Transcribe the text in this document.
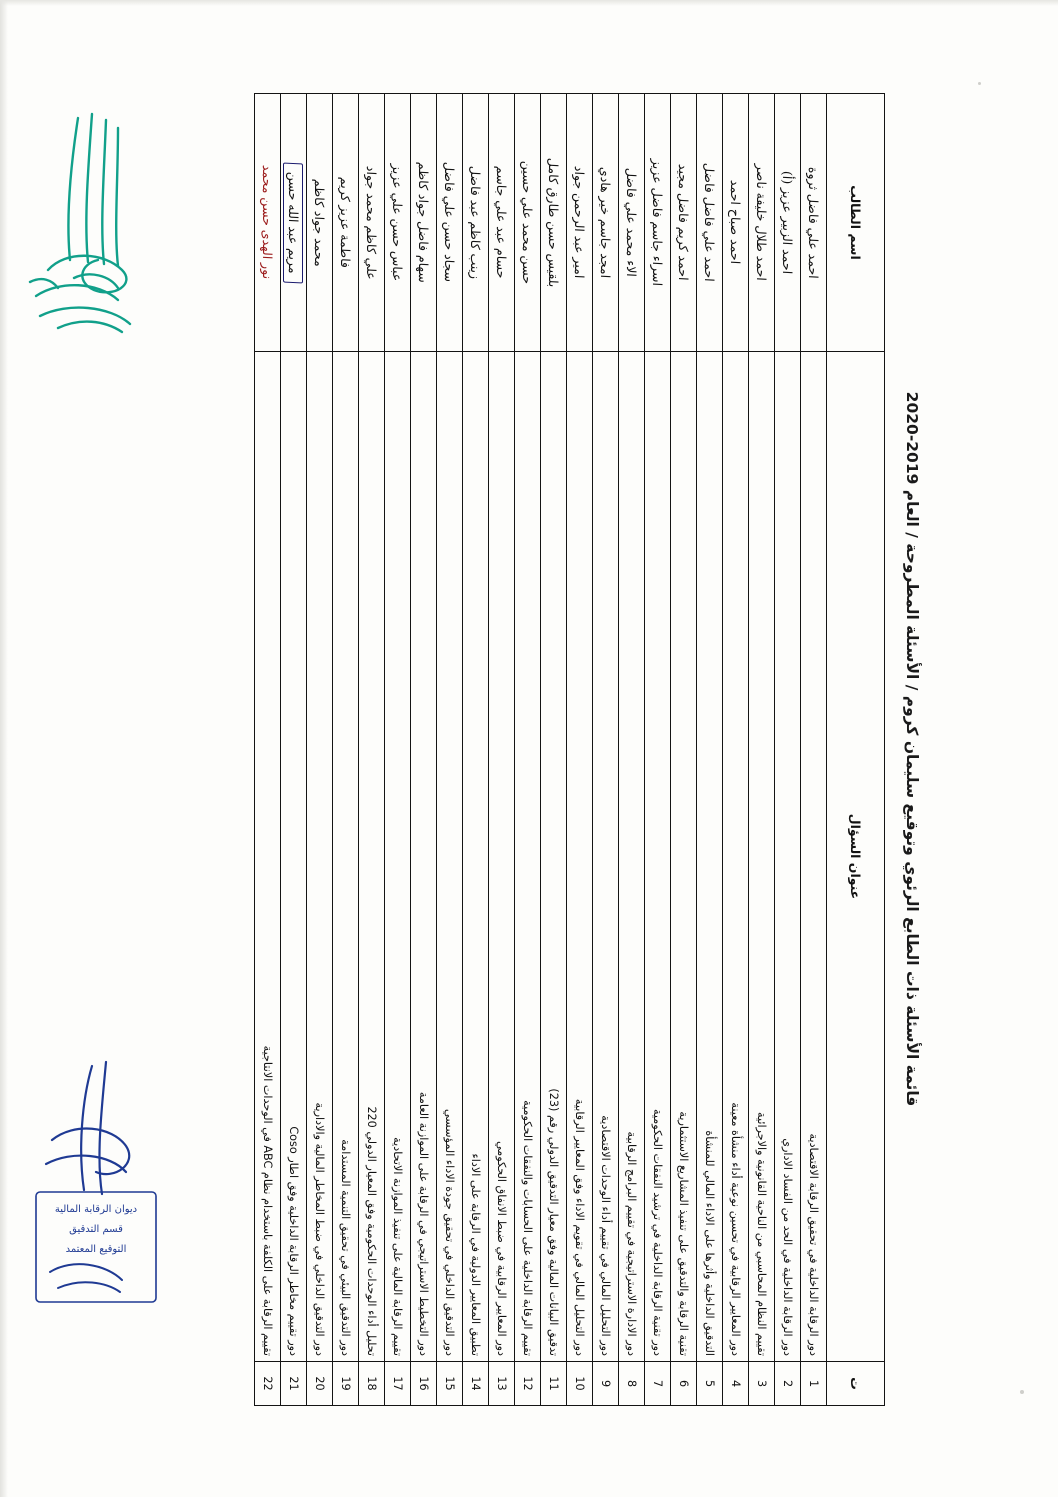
ديوان الرقابة المالية
قسم التدقيق
التوقيع المعتمد
قائمة الأسئلة ذات الطابع الرئوي وتوقيع سليمان كروم / الأسئلة المطروحة / العام 2019-2020
ت	عنوان السؤال	اسم الطالب
1	دور الرقابة الداخلية في تحقيق الرقابة الاقتصادية	احمد علي فاضل ثروة
2	دور الرقابة الداخلية في الحد من الفساد الاداري	احمد الزبير عزيز (أ)
3	تقييم النظام المحاسبي من الناحية القانونية والاجرائية	احمد طلال خليفة ناصر
4	دور المعايير الرقابية في تحسين نوعية أداء منشأة معينة	احمد صباح احمد
5	التدقيق الداخلية وأثرها على الاداء المالي للمنشأة	احمد علي فاضل فاضل
6	تقنية الرقابة والتدقيق على تنفيذ المشاريع الاستثمارية	احمد كريم فاضل مجيد
7	دور تقنية الرقابة الداخلية في ترشيد النفقات الحكومية	اسراء جاسم فاضل عزيز
8	دور الادارة الاستراتيجية في تقييم البرامج الرقابية	الاء محمد علي فاضل
9	دور التحليل المالي في تقييم أداء الوحدات الاقتصادية	امجد جاسم خير هادي
10	دور التحليل المالي في تقويم الاداء وفق المعايير الرقابية	امير عبد الرحمن جواد
11	تدقيق البيانات المالية وفق معيار التدقيق الدولي رقم (23)	بلقيس حسن طارق كامل
12	تقييم الرقابة الداخلية على الحسابات والنفقات الحكومية	حسن محمد علي حسين
13	دور المعايير الرقابية في ضبط الانفاق الحكومي	حسام عبد علي جاسم
14	تطبيق المعايير الدولية في الرقابة على الاداء	زينب كاظم عبد فاضل
15	دور التدقيق الداخلي في تحقيق جودة الاداء المؤسسي	سجاد حسن علي فاضل
16	دور التخطيط الاستراتيجي في الرقابة على الموازنة العامة	سهام فاضل جواد كاظم
17	تقييم الرقابة المالية على تنفيذ الموازنة الاتحادية	عباس حسن علي عزيز
18	تحليل أداء الوحدات الحكومية وفق المعيار الدولي 220	علي كاظم محمد جواد
19	دور التدقيق البيئي في تحقيق التنمية المستدامة	فاطمة عزيز كريم
20	دور التدقيق الداخلي في ضبط المخاطر المالية والادارية	محمد جواد كاظم
21	دور تقييم مخاطر الرقابة الداخلية وفق اطار Coso	مريم عبد الله حسن
22	تقييم الرقابة على الكلفة باستخدام نظام ABC في الوحدات الانتاجية	نور الهدى حسن محمد
